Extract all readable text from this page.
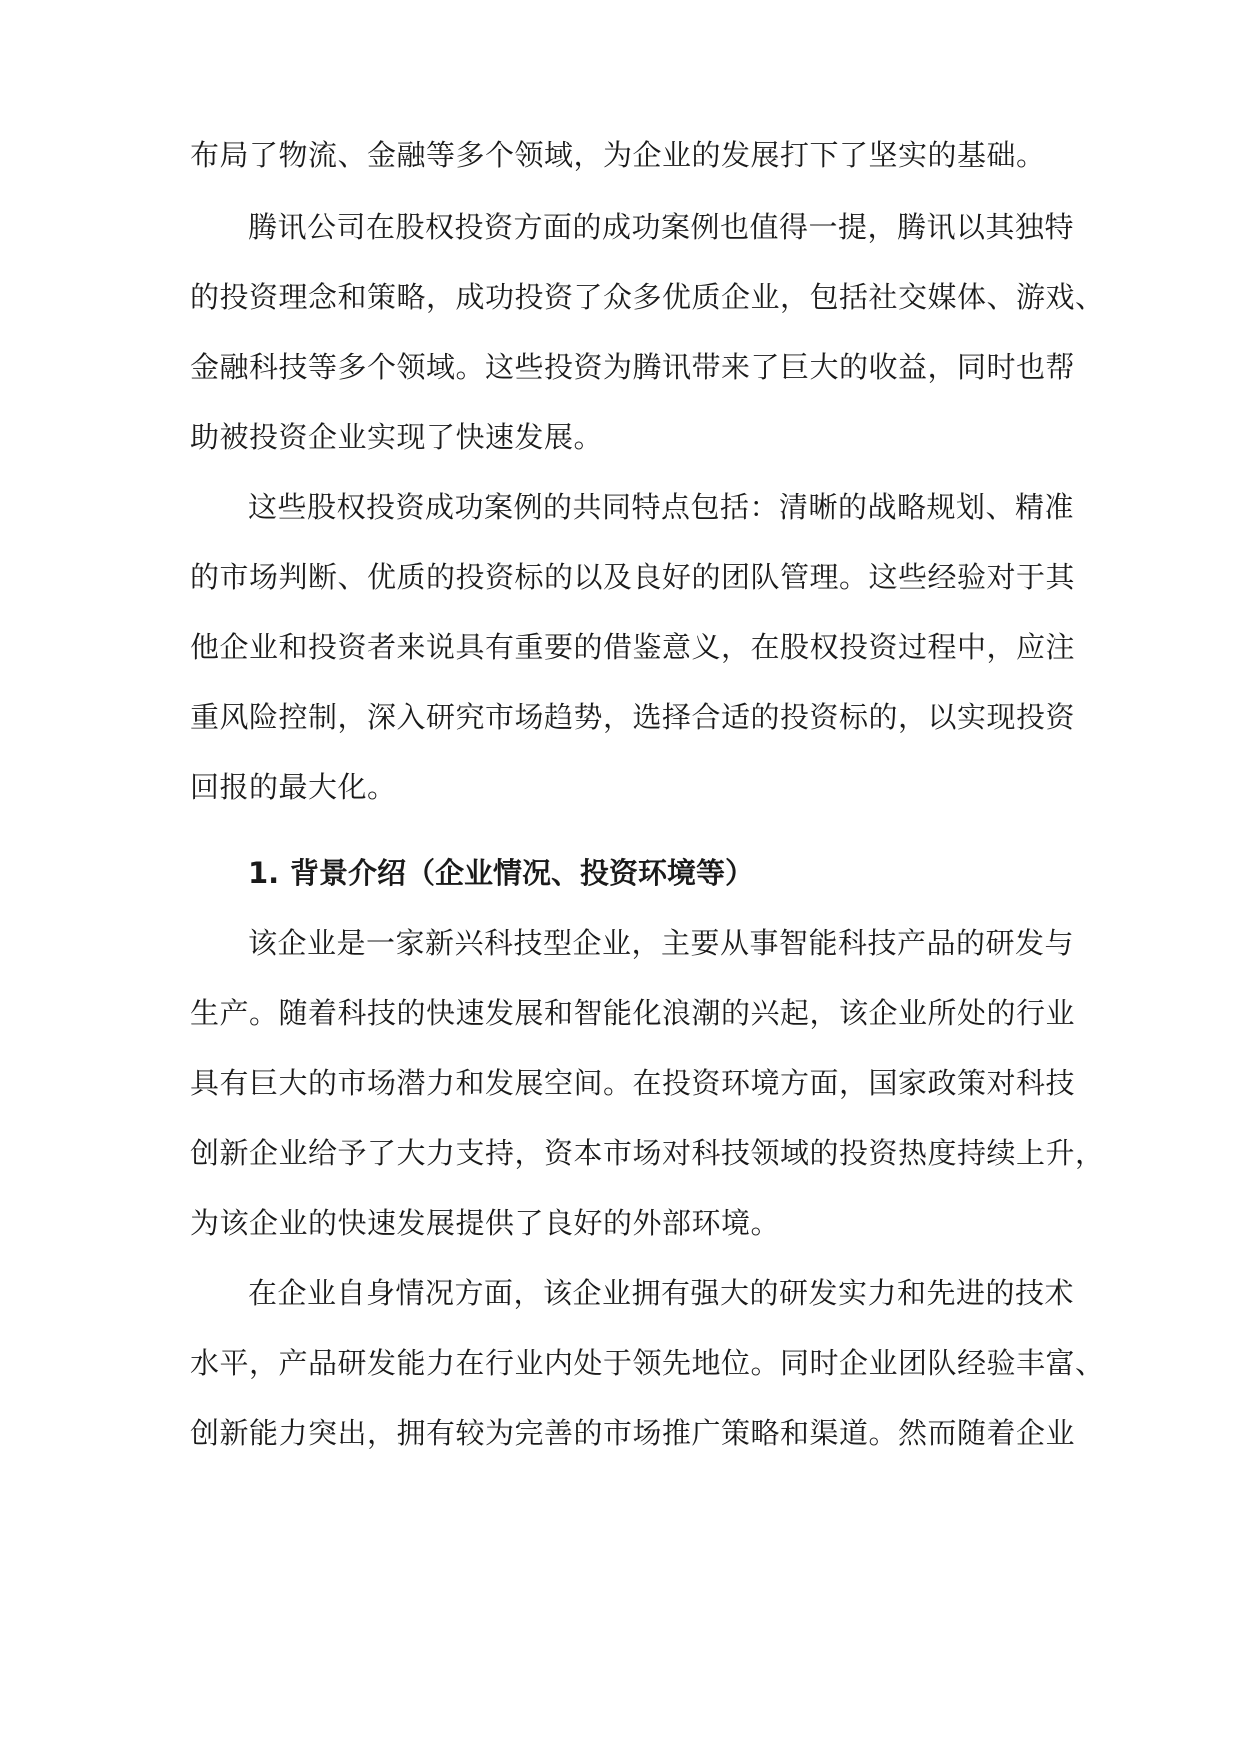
布局了物流、金融等多个领域，为企业的发展打下了坚实的基础。
腾讯公司在股权投资方面的成功案例也值得一提，腾讯以其独特
的投资理念和策略，成功投资了众多优质企业，包括社交媒体、游戏、
金融科技等多个领域。这些投资为腾讯带来了巨大的收益，同时也帮
助被投资企业实现了快速发展。
这些股权投资成功案例的共同特点包括：清晰的战略规划、精准
的市场判断、优质的投资标的以及良好的团队管理。这些经验对于其
他企业和投资者来说具有重要的借鉴意义，在股权投资过程中，应注
重风险控制，深入研究市场趋势，选择合适的投资标的，以实现投资
回报的最大化。
1. 背景介绍（企业情况、投资环境等）
该企业是一家新兴科技型企业，主要从事智能科技产品的研发与
生产。随着科技的快速发展和智能化浪潮的兴起，该企业所处的行业
具有巨大的市场潜力和发展空间。在投资环境方面，国家政策对科技
创新企业给予了大力支持，资本市场对科技领域的投资热度持续上升，
为该企业的快速发展提供了良好的外部环境。
在企业自身情况方面，该企业拥有强大的研发实力和先进的技术
水平，产品研发能力在行业内处于领先地位。同时企业团队经验丰富、
创新能力突出，拥有较为完善的市场推广策略和渠道。然而随着企业
